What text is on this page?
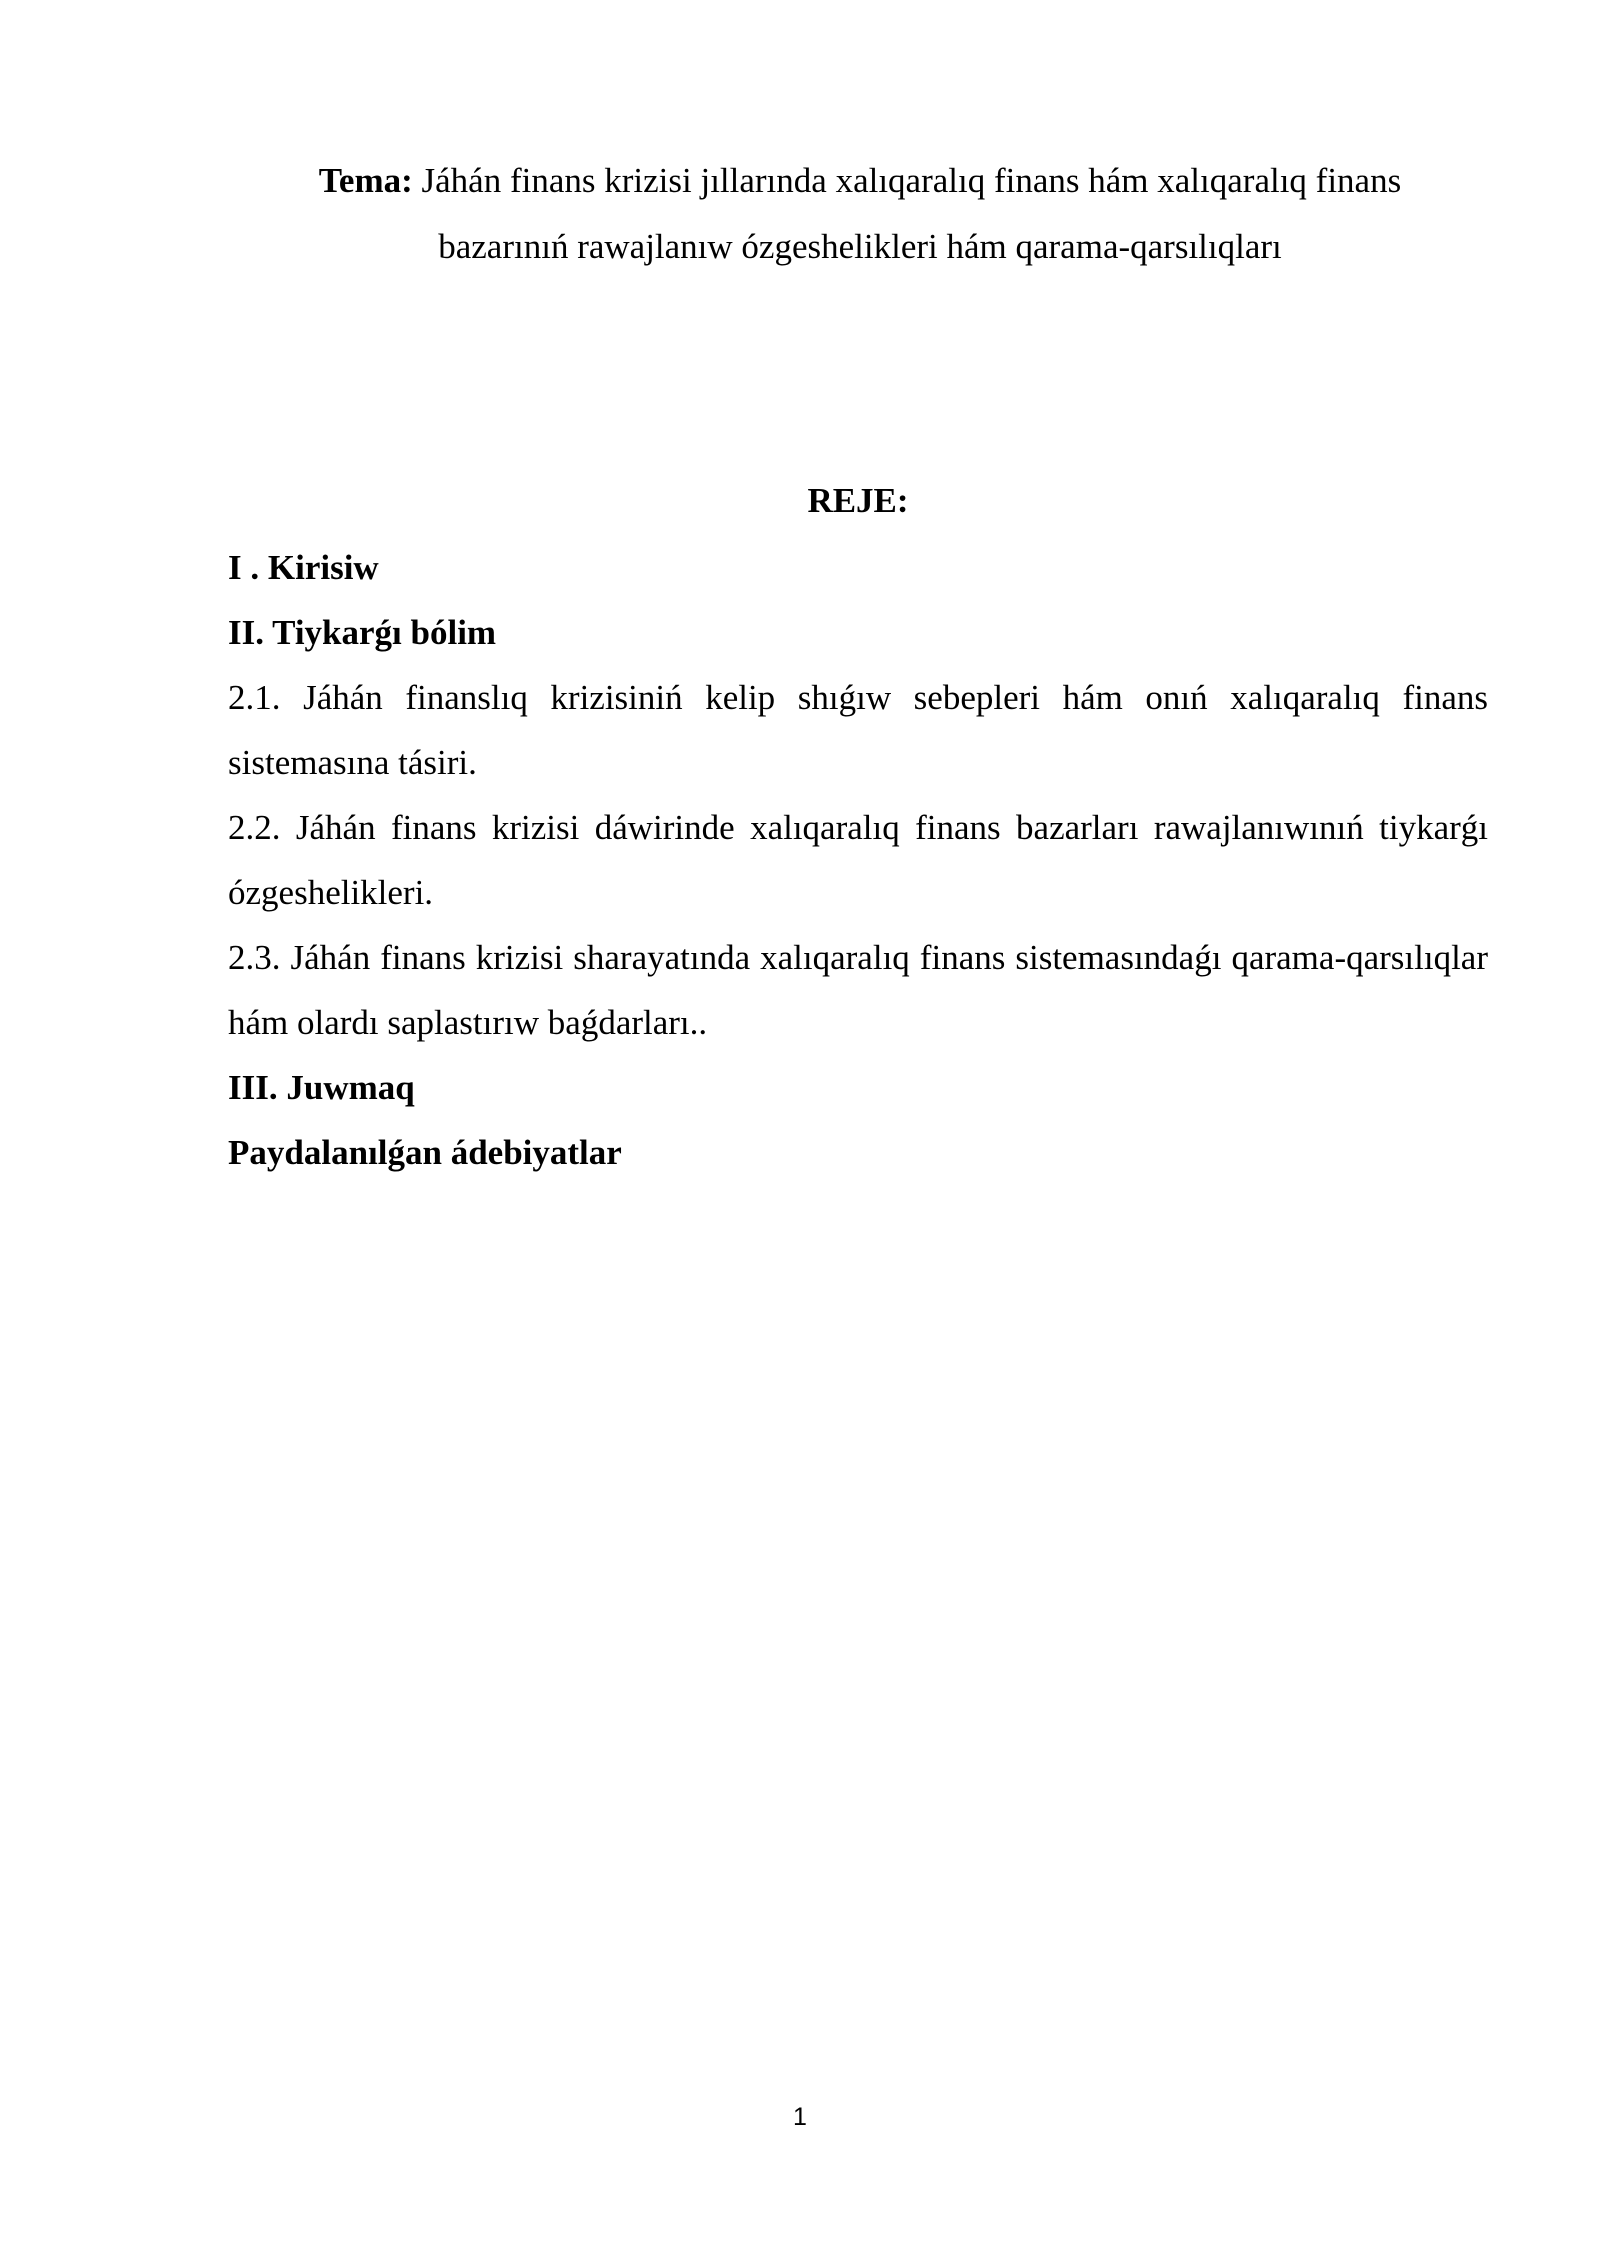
Tema: Jáhán finans krizisi jıllarında xalıqaralıq finans hám xalıqaralıq finans bazarınıń rawajlanıw ózgeshelikleri hám qarama-qarsılıqları
REJE:

I . Kirisiw

II. Tiykarǵı bólim

2.1. Jáhán finanslıq krizisiniń kelip shıǵıw sebepleri hám onıń xalıqaralıq finans sistemasına tásiri.

2.2. Jáhán finans krizisi dáwirinde xalıqaralıq finans bazarları rawajlanıwınıń tiykarǵı ózgeshelikleri.

2.3. Jáhán finans krizisi sharayatında xalıqaralıq finans sistemasındaǵı qarama-qarsılıqlar hám olardı saplastırıw baǵdarları..

III. Juwmaq

Paydalanılǵan ádebiyatlar

1
